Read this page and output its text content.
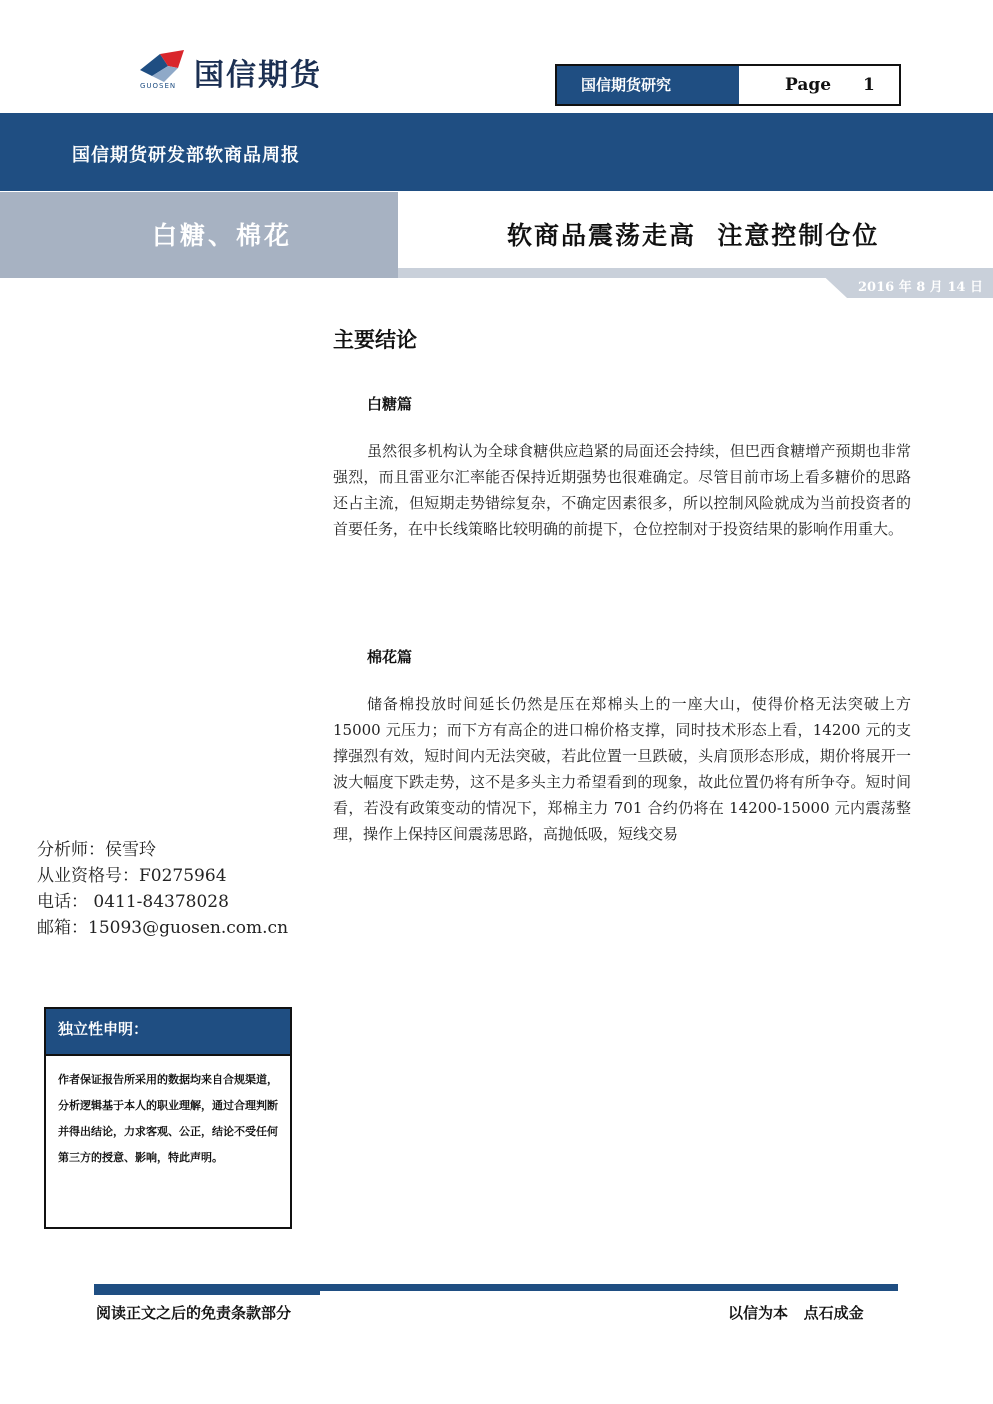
GUOSEN 国信期货	国信期货研究	Page 1
国信期货研发部软商品周报
白糖、棉花	软商品震荡走高  注意控制仓位
2016 年 8 月 14 日
主要结论
白糖篇
虽然很多机构认为全球食糖供应趋紧的局面还会持续，但巴西食糖增产预期也非常强烈，而且雷亚尔汇率能否保持近期强势也很难确定。尽管目前市场上看多糖价的思路还占主流，但短期走势错综复杂，不确定因素很多，所以控制风险就成为当前投资者的首要任务，在中长线策略比较明确的前提下，仓位控制对于投资结果的影响作用重大。
棉花篇
储备棉投放时间延长仍然是压在郑棉头上的一座大山，使得价格无法突破上方 15000 元压力；而下方有高企的进口棉价格支撑，同时技术形态上看，14200 元的支撑强烈有效，短时间内无法突破，若此位置一旦跌破，头肩顶形态形成，期价将展开一波大幅度下跌走势，这不是多头主力希望看到的现象，故此位置仍将有所争夺。短时间看，若没有政策变动的情况下，郑棉主力 701 合约仍将在 14200-15000 元内震荡整理，操作上保持区间震荡思路，高抛低吸，短线交易
分析师：侯雪玲
从业资格号：F0275964
电话： 0411-84378028
邮箱：15093@guosen.com.cn
独立性申明：
作者保证报告所采用的数据均来自合规渠道， 分析逻辑基于本人的职业理解，通过合理判断 并得出结论，力求客观、公正，结论不受任何第三方的授意、影响，特此声明。
阅读正文之后的免责条款部分	以信为本   点石成金
